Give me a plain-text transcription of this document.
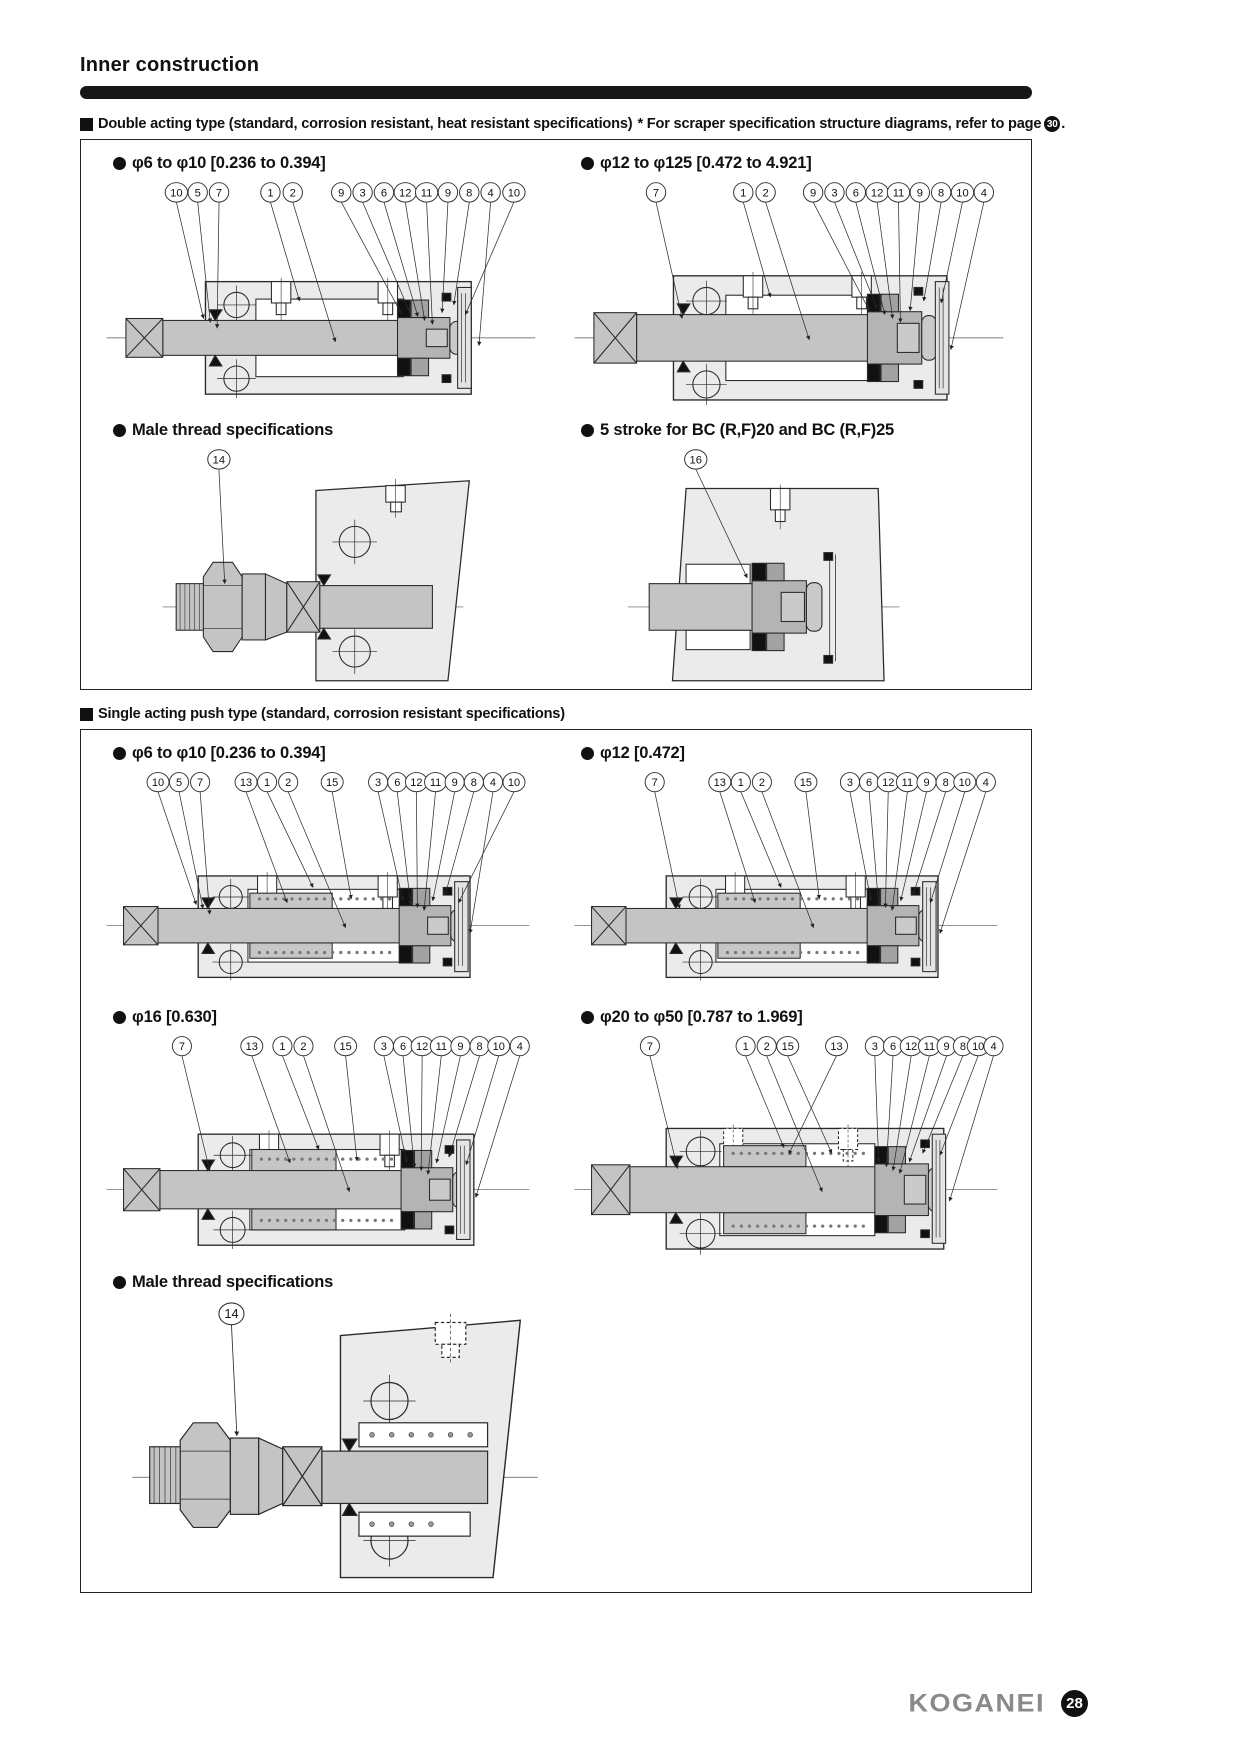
Inner construction
Double acting type (standard, corrosion resistant, heat resistant specifications) * For scraper specification structure diagrams, refer to page 30 .
φ6 to φ10 [0.236 to 0.394]
10 5 7	1 2	9 3 6 12 11 9 8 4 10
φ12 to φ125 [0.472 to 4.921]
7	1 2	9 3 6 12 11 9 8 10 4
Male thread specifications
14
5 stroke for BC (R,F)20 and BC (R,F)25
16
Single acting push type (standard, corrosion resistant specifications)
φ6 to φ10 [0.236 to 0.394]
10 5 7	13 1 2	15	3 6 12 11 9 8 4 10
φ12 [0.472]
7	13 1 2	15	3 6 12 11 9 8 10 4
φ16 [0.630]
7	13 1 2	15	3 6 12 11 9 8 10 4
φ20 to φ50 [0.787 to 1.969]
7	1 2 15	13	3 6 12 11 9 8 10 4
Male thread specifications
14
KOGANEI	28
